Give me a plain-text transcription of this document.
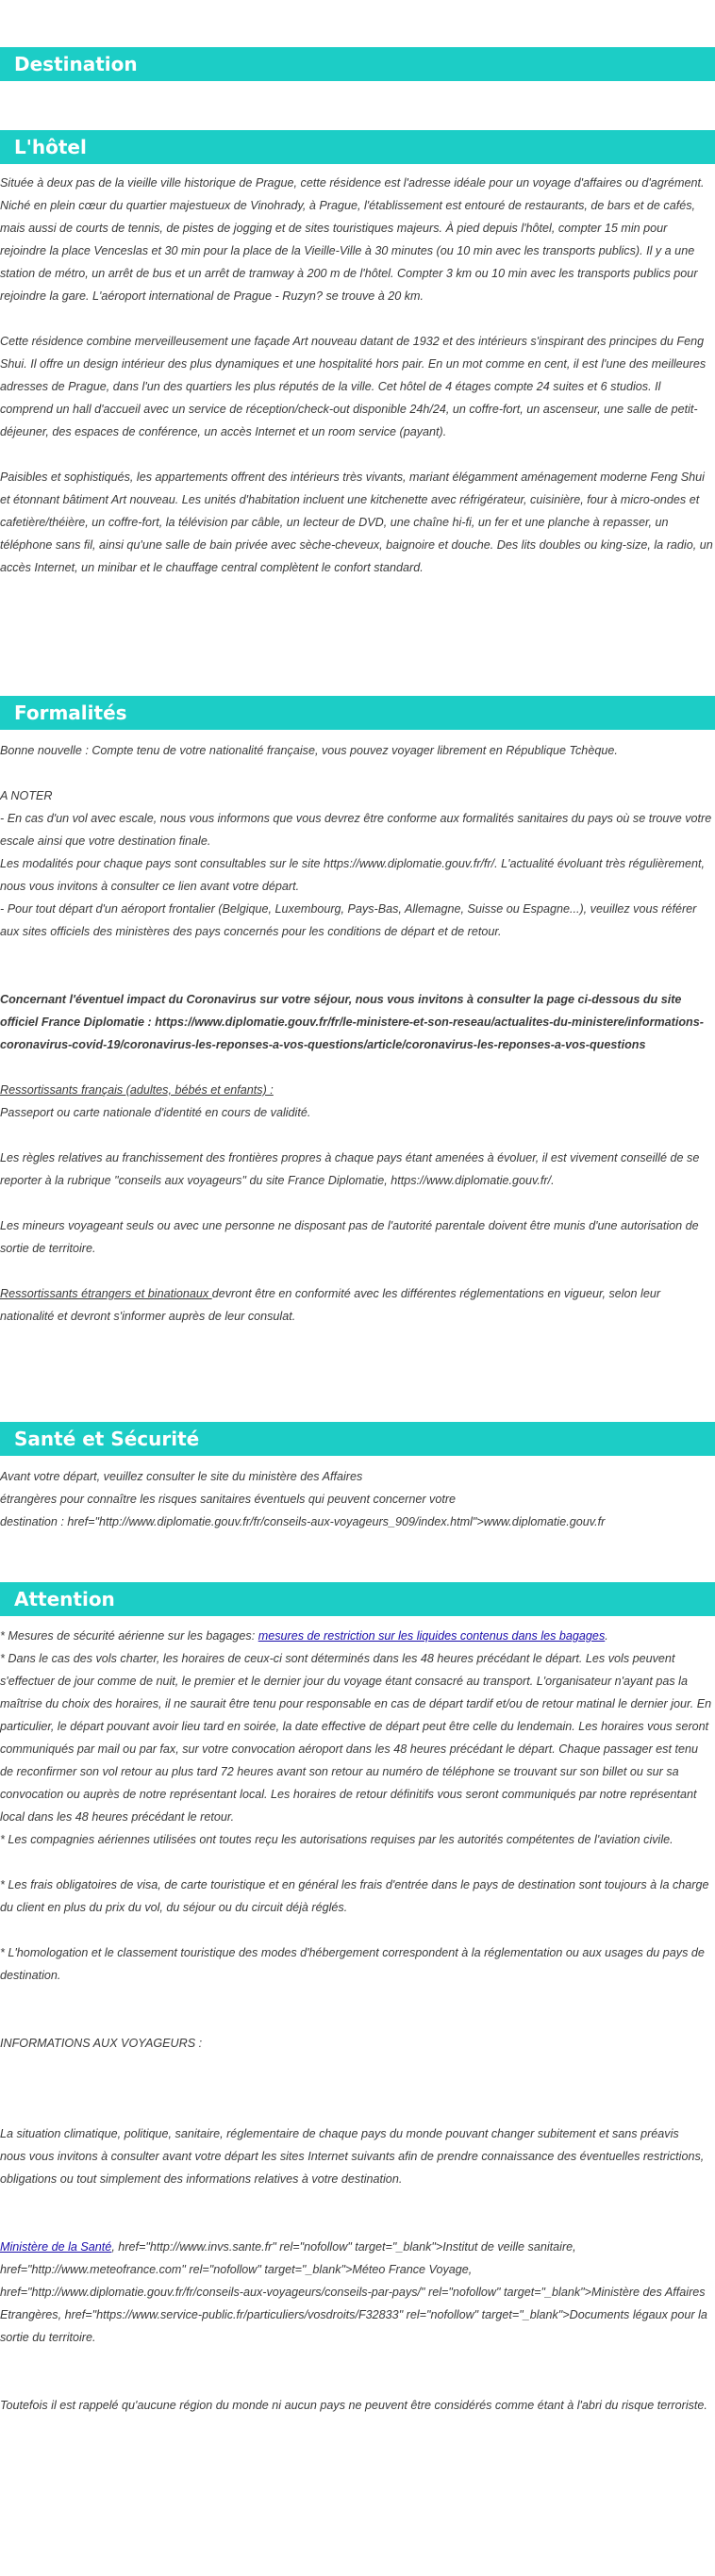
Destination
L'hôtel

Située à deux pas de la vieille ville historique de Prague, cette résidence est l'adresse idéale pour un voyage d'affaires ou d'agrément. Niché en plein cœur du quartier majestueux de Vinohrady, à Prague, l'établissement est entouré de restaurants, de bars et de cafés, mais aussi de courts de tennis, de pistes de jogging et de sites touristiques majeurs. À pied depuis l'hôtel, compter 15 min pour rejoindre la place Venceslas et 30 min pour la place de la Vieille-Ville à 30 minutes (ou 10 min avec les transports publics). Il y a une station de métro, un arrêt de bus et un arrêt de tramway à 200 m de l'hôtel. Compter 3 km ou 10 min avec les transports publics pour rejoindre la gare. L'aéroport international de Prague - Ruzyn? se trouve à 20 km.

Cette résidence combine merveilleusement une façade Art nouveau datant de 1932 et des intérieurs s'inspirant des principes du Feng Shui. Il offre un design intérieur des plus dynamiques et une hospitalité hors pair. En un mot comme en cent, il est l'une des meilleures adresses de Prague, dans l'un des quartiers les plus réputés de la ville. Cet hôtel de 4 étages compte 24 suites et 6 studios. Il comprend un hall d'accueil avec un service de réception/check-out disponible 24h/24, un coffre-fort, un ascenseur, une salle de petit-déjeuner, des espaces de conférence, un accès Internet et un room service (payant).

Paisibles et sophistiqués, les appartements offrent des intérieurs très vivants, mariant élégamment aménagement moderne Feng Shui et étonnant bâtiment Art nouveau. Les unités d'habitation incluent une kitchenette avec réfrigérateur, cuisinière, four à micro-ondes et cafetière/théière, un coffre-fort, la télévision par câble, un lecteur de DVD, une chaîne hi-fi, un fer et une planche à repasser, un téléphone sans fil, ainsi qu'une salle de bain privée avec sèche-cheveux, baignoire et douche. Des lits doubles ou king-size, la radio, un accès Internet, un minibar et le chauffage central complètent le confort standard.

Formalités

Bonne nouvelle : Compte tenu de votre nationalité française, vous pouvez voyager librement en République Tchèque.

A NOTER

- En cas d'un vol avec escale, nous vous informons que vous devrez être conforme aux formalités sanitaires du pays où se trouve votre escale ainsi que votre destination finale.

Les modalités pour chaque pays sont consultables sur le site https://www.diplomatie.gouv.fr/fr/. L'actualité évoluant très régulièrement, nous vous invitons à consulter ce lien avant votre départ.

- Pour tout départ d'un aéroport frontalier (Belgique, Luxembourg, Pays-Bas, Allemagne, Suisse ou Espagne...), veuillez vous référer aux sites officiels des ministères des pays concernés pour les conditions de départ et de retour.

Concernant l'éventuel impact du Coronavirus sur votre séjour, nous vous invitons à consulter la page ci-dessous du site officiel France Diplomatie : https://www.diplomatie.gouv.fr/fr/le-ministere-et-son-reseau/actualites-du-ministere/informations-coronavirus-covid-19/coronavirus-les-reponses-a-vos-questions/article/coronavirus-les-reponses-a-vos-questions

Ressortissants français (adultes, bébés et enfants) :

Passeport ou carte nationale d'identité en cours de validité.

Les règles relatives au franchissement des frontières propres à chaque pays étant amenées à évoluer, il est vivement conseillé de se reporter à la rubrique "conseils aux voyageurs" du site France Diplomatie, https://www.diplomatie.gouv.fr/.

Les mineurs voyageant seuls ou avec une personne ne disposant pas de l'autorité parentale doivent être munis d'une autorisation de sortie de territoire.

Ressortissants étrangers et binationaux devront être en conformité avec les différentes réglementations en vigueur, selon leur nationalité et devront s'informer auprès de leur consulat.

Santé et Sécurité

Avant votre départ, veuillez consulter le site du ministère des Affaires

étrangères pour connaître les risques sanitaires éventuels qui peuvent concerner votre

destination : href="http://www.diplomatie.gouv.fr/fr/conseils-aux-voyageurs_909/index.html">www.diplomatie.gouv.fr

Attention

* Mesures de sécurité aérienne sur les bagages: mesures de restriction sur les liquides contenus dans les bagages.

* Dans le cas des vols charter, les horaires de ceux-ci sont déterminés dans les 48 heures précédant le départ. Les vols peuvent s'effectuer de jour comme de nuit, le premier et le dernier jour du voyage étant consacré au transport. L'organisateur n'ayant pas la maîtrise du choix des horaires, il ne saurait être tenu pour responsable en cas de départ tardif et/ou de retour matinal le dernier jour. En particulier, le départ pouvant avoir lieu tard en soirée, la date effective de départ peut être celle du lendemain. Les horaires vous seront communiqués par mail ou par fax, sur votre convocation aéroport dans les 48 heures précédant le départ. Chaque passager est tenu de reconfirmer son vol retour au plus tard 72 heures avant son retour au numéro de téléphone se trouvant sur son billet ou sur sa convocation ou auprès de notre représentant local. Les horaires de retour définitifs vous seront communiqués par notre représentant local dans les 48 heures précédant le retour.

* Les compagnies aériennes utilisées ont toutes reçu les autorisations requises par les autorités compétentes de l'aviation civile.

* Les frais obligatoires de visa, de carte touristique et en général les frais d'entrée dans le pays de destination sont toujours à la charge du client en plus du prix du vol, du séjour ou du circuit déjà réglés.

* L'homologation et le classement touristique des modes d'hébergement correspondent à la réglementation ou aux usages du pays de destination.

INFORMATIONS AUX VOYAGEURS :

La situation climatique, politique, sanitaire, réglementaire de chaque pays du monde pouvant changer subitement et sans préavis

nous vous invitons à consulter avant votre départ les sites Internet suivants afin de prendre connaissance des éventuelles restrictions, obligations ou tout simplement des informations relatives à votre destination.

Ministère de la Santé, href="http://www.invs.sante.fr" rel="nofollow" target="_blank">Institut de veille sanitaire, href="http://www.meteofrance.com" rel="nofollow" target="_blank">Méteo France Voyage, href="http://www.diplomatie.gouv.fr/fr/conseils-aux-voyageurs/conseils-par-pays/" rel="nofollow" target="_blank">Ministère des Affaires Etrangères, href="https://www.service-public.fr/particuliers/vosdroits/F32833" rel="nofollow" target="_blank">Documents légaux pour la sortie du territoire.

Toutefois il est rappelé qu'aucune région du monde ni aucun pays ne peuvent être considérés comme étant à l'abri du risque terroriste.
